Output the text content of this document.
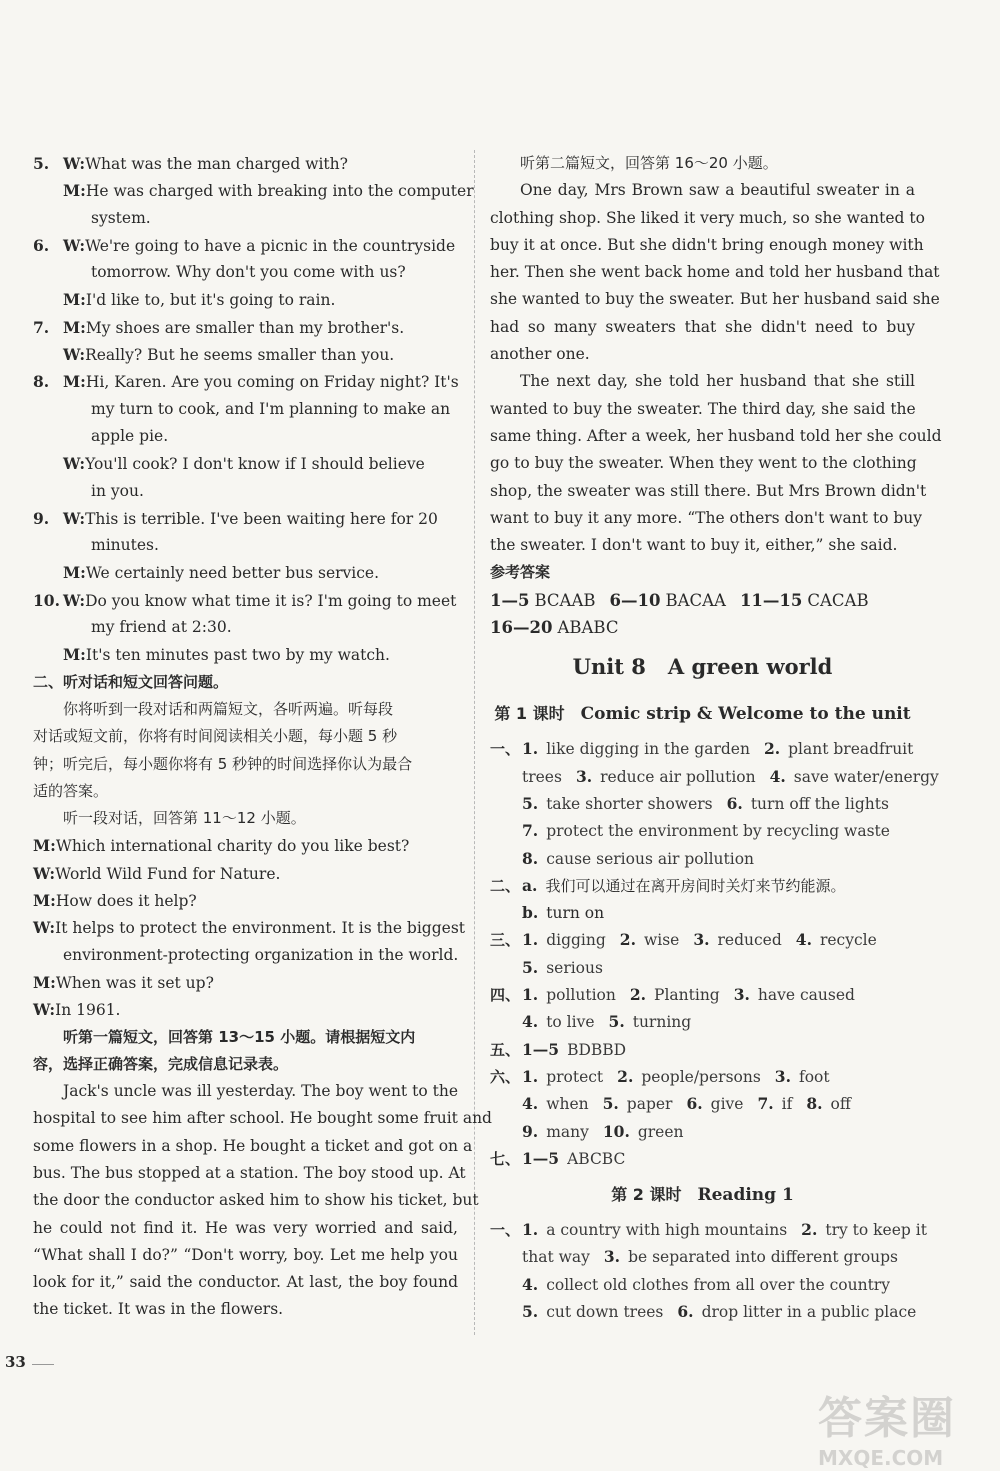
5. W:What was the man charged with?
M:He was charged with breaking into the computer
system.
6. W:We're going to have a picnic in the countryside
tomorrow. Why don't you come with us?
M:I'd like to, but it's going to rain.
7. M:My shoes are smaller than my brother's.
W:Really? But he seems smaller than you.
8. M:Hi, Karen. Are you coming on Friday night? It's
my turn to cook, and I'm planning to make an
apple pie.
W:You'll cook? I don't know if I should believe
in you.
9. W:This is terrible. I've been waiting here for 20
minutes.
M:We certainly need better bus service.
10. W:Do you know what time it is? I'm going to meet
my friend at 2:30.
M:It's ten minutes past two by my watch.
二、听对话和短文回答问题。
你将听到一段对话和两篇短文，各听两遍。听每段
对话或短文前，你将有时间阅读相关小题，每小题 5 秒
钟；听完后，每小题你将有 5 秒钟的时间选择你认为最合
适的答案。
听一段对话，回答第 11～12 小题。
M:Which international charity do you like best?
W:World Wild Fund for Nature.
M:How does it help?
W:It helps to protect the environment. It is the biggest
environment-protecting organization in the world.
M:When was it set up?
W:In 1961.
听第一篇短文，回答第 13～15 小题。请根据短文内
容，选择正确答案，完成信息记录表。
Jack's uncle was ill yesterday. The boy went to the
hospital to see him after school. He bought some fruit and
some flowers in a shop. He bought a ticket and got on a
bus. The bus stopped at a station. The boy stood up. At
the door the conductor asked him to show his ticket, but
he could not find it. He was very worried and said,
“What shall I do?” “Don't worry, boy. Let me help you
look for it,” said the conductor. At last, the boy found
the ticket. It was in the flowers.
听第二篇短文，回答第 16～20 小题。
One day, Mrs Brown saw a beautiful sweater in a
clothing shop. She liked it very much, so she wanted to
buy it at once. But she didn't bring enough money with
her. Then she went back home and told her husband that
she wanted to buy the sweater. But her husband said she
had so many sweaters that she didn't need to buy
another one.
The next day, she told her husband that she still
wanted to buy the sweater. The third day, she said the
same thing. After a week, her husband told her she could
go to buy the sweater. When they went to the clothing
shop, the sweater was still there. But Mrs Brown didn't
want to buy it any more. “The others don't want to buy
the sweater. I don't want to buy it, either,” she said.
参考答案
1—5 BCAAB 6—10 BACAA 11—15 CACAB
16—20 ABABC
Unit 8 A green world
第 1 课时 Comic strip & Welcome to the unit
一、 1. like digging in the garden 2. plant breadfruit
trees 3. reduce air pollution 4. save water/energy
5. take shorter showers 6. turn off the lights
7. protect the environment by recycling waste
8. cause serious air pollution
二、 a. 我们可以通过在离开房间时关灯来节约能源。
b. turn on
三、 1. digging 2. wise 3. reduced 4. recycle
5. serious
四、 1. pollution 2. Planting 3. have caused
4. to live 5. turning
五、 1—5 BDBBD
六、 1. protect 2. people/persons 3. foot
4. when 5. paper 6. give 7. if 8. off
9. many 10. green
七、 1—5 ABCBC
第 2 课时 Reading 1
一、 1. a country with high mountains 2. try to keep it
that way 3. be separated into different groups
4. collect old clothes from all over the country
5. cut down trees 6. drop litter in a public place
33
答案圈
MXQE.COM
